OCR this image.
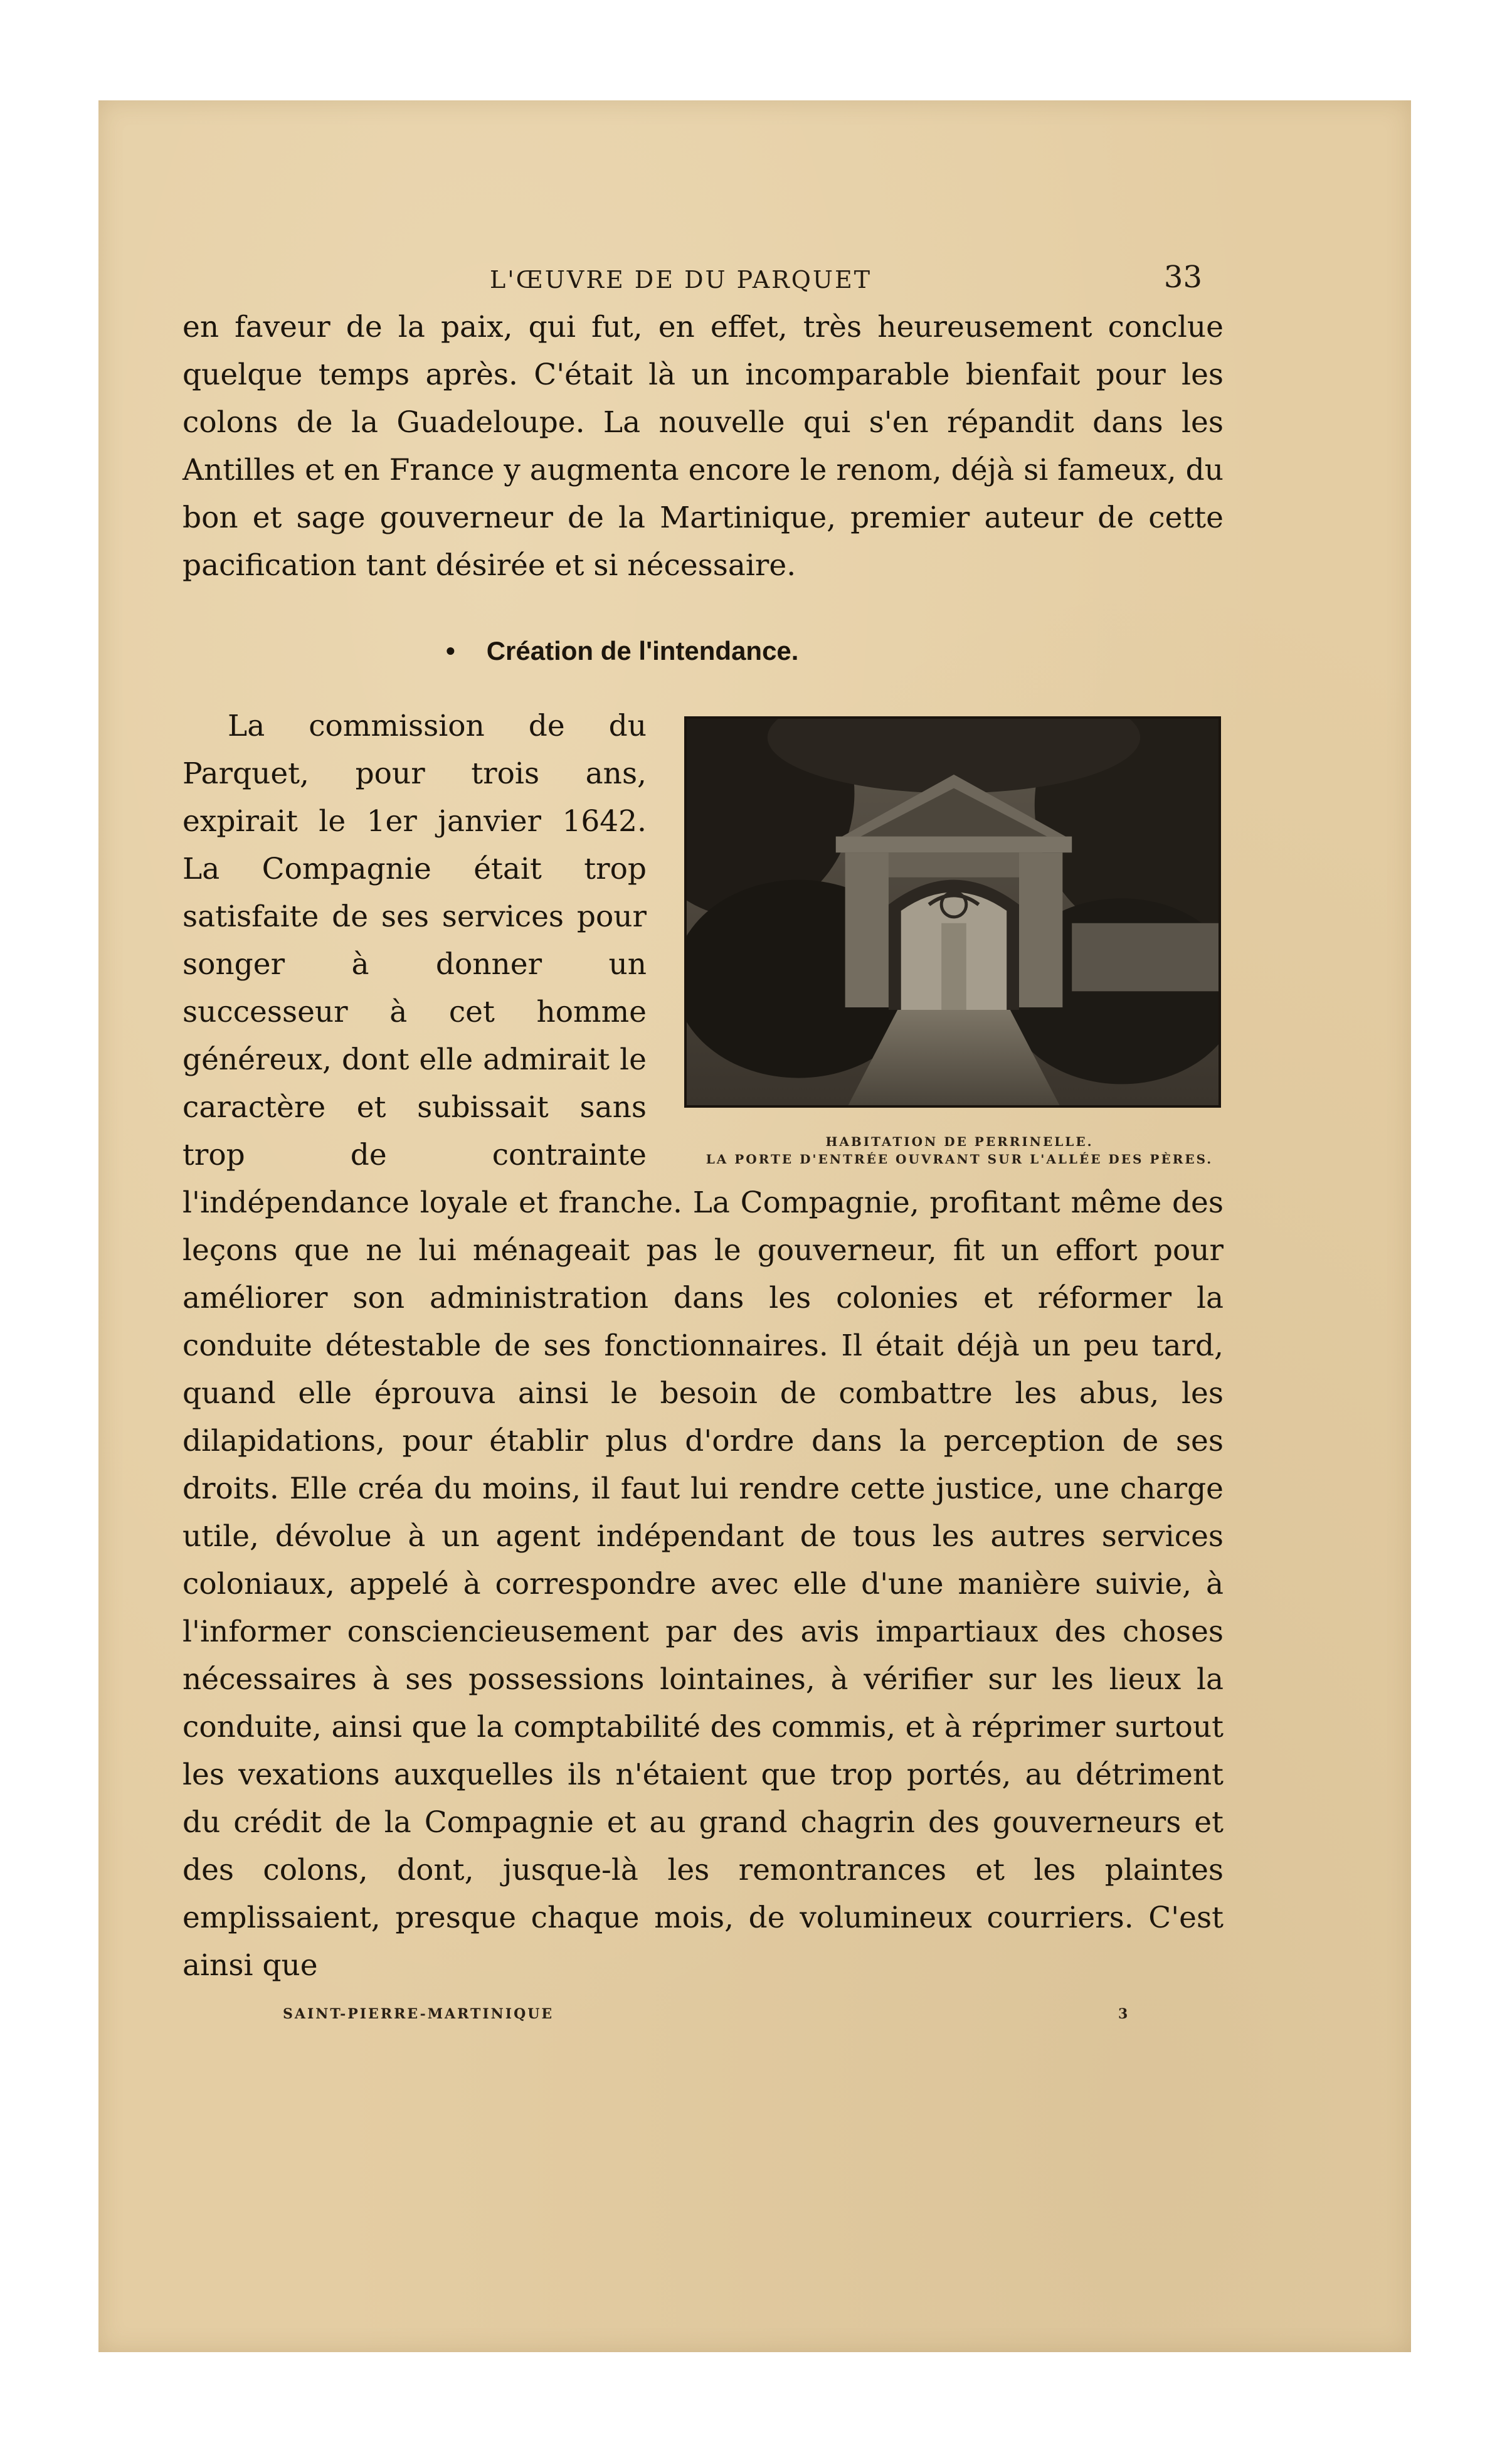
L'ŒUVRE DE DU PARQUET	33

en faveur de la paix, qui fut, en effet, très heureusement conclue quelque temps après. C'était là un incomparable bienfait pour les colons de la Guadeloupe. La nouvelle qui s'en répandit dans les Antilles et en France y augmenta encore le renom, déjà si fameux, du bon et sage gouverneur de la Martinique, premier auteur de cette pacification tant désirée et si nécessaire.

• Création de l'intendance.
HABITATION DE PERRINELLE.
LA PORTE D'ENTRÉE OUVRANT SUR L'ALLÉE DES PÈRES.

La commission de du Parquet, pour trois ans, expirait le 1er janvier 1642. La Compagnie était trop satisfaite de ses services pour songer à donner un successeur à cet homme généreux, dont elle admirait le caractère et subissait sans trop de contrainte l'indépendance loyale et franche. La Compagnie, profitant même des leçons que ne lui ménageait pas le gouverneur, fit un effort pour améliorer son administration dans les colonies et réformer la conduite détestable de ses fonctionnaires. Il était déjà un peu tard, quand elle éprouva ainsi le besoin de combattre les abus, les dilapidations, pour établir plus d'ordre dans la perception de ses droits. Elle créa du moins, il faut lui rendre cette justice, une charge utile, dévolue à un agent indépendant de tous les autres services coloniaux, appelé à correspondre avec elle d'une manière suivie, à l'informer consciencieusement par des avis impartiaux des choses nécessaires à ses possessions lointaines, à vérifier sur les lieux la conduite, ainsi que la comptabilité des commis, et à réprimer surtout les vexations auxquelles ils n'étaient que trop portés, au détriment du crédit de la Compagnie et au grand chagrin des gouverneurs et des colons, dont, jusque-là les remontrances et les plaintes emplissaient, presque chaque mois, de volumineux courriers. C'est ainsi que

SAINT-PIERRE-MARTINIQUE	3
